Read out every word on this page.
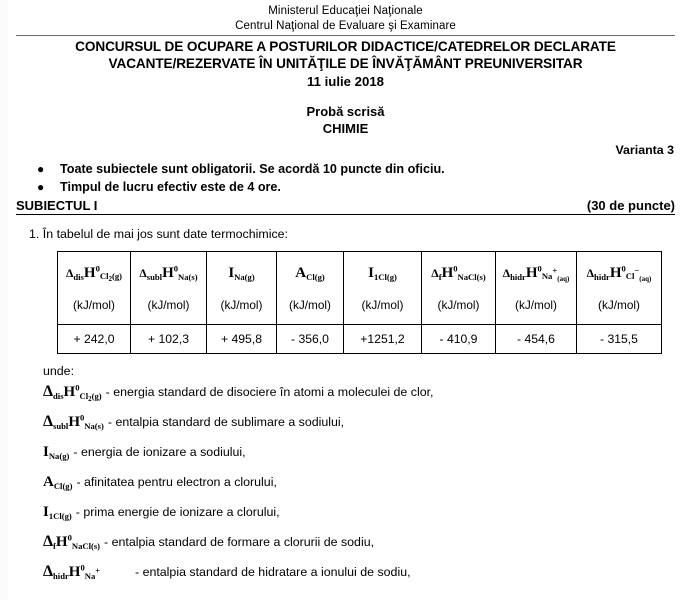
Ministerul Educaţiei Naţionale
Centrul Naţional de Evaluare şi Examinare
CONCURSUL DE OCUPARE A POSTURILOR DIDACTICE/CATEDRELOR DECLARATE
VACANTE/REZERVATE ÎN UNITĂŢILE DE ÎNVĂŢĂMÂNT PREUNIVERSITAR
11 iulie 2018
Probă scrisă
CHIMIE
Varianta 3
● Toate subiectele sunt obligatorii. Se acordă 10 puncte din oficiu.
● Timpul de lucru efectiv este de 4 ore.
SUBIECTUL I	(30 de puncte)
1. În tabelul de mai jos sunt date termochimice:
$\Delta_{dis}H^0_{Cl_2(g)}$	$\Delta_{subl}H^0_{Na(s)}$	$I_{Na(g)}$	$A_{Cl(g)}$	$I_{1Cl(g)}$	$\Delta_fH^0_{NaCl(s)}$	$\Delta_{hidr}H^0_{Na^+_{(aq)}}$	$\Delta_{hidr}H^0_{Cl^-_{(aq)}}$
(kJ/mol)	(kJ/mol)	(kJ/mol)	(kJ/mol)	(kJ/mol)	(kJ/mol)	(kJ/mol)	(kJ/mol)
+ 242,0	+ 102,3	+ 495,8	- 356,0	+1251,2	- 410,9	- 454,6	- 315,5
unde:
$\Delta_{dis}H^0_{Cl_2(g)}$ - energia standard de disociere în atomi a moleculei de clor,
$\Delta_{subl}H^0_{Na(s)}$ - entalpia standard de sublimare a sodiului,
$I_{Na(g)}$ - energia de ionizare a sodiului,
$A_{Cl(g)}$ - afinitatea pentru electron a clorului,
$I_{1Cl(g)}$ - prima energie de ionizare a clorului,
$\Delta_fH^0_{NaCl(s)}$ - entalpia standard de formare a clorurii de sodiu,
$\Delta_{hidr}H^0_{Na^+}$	- entalpia standard de hidratare a ionului de sodiu,
